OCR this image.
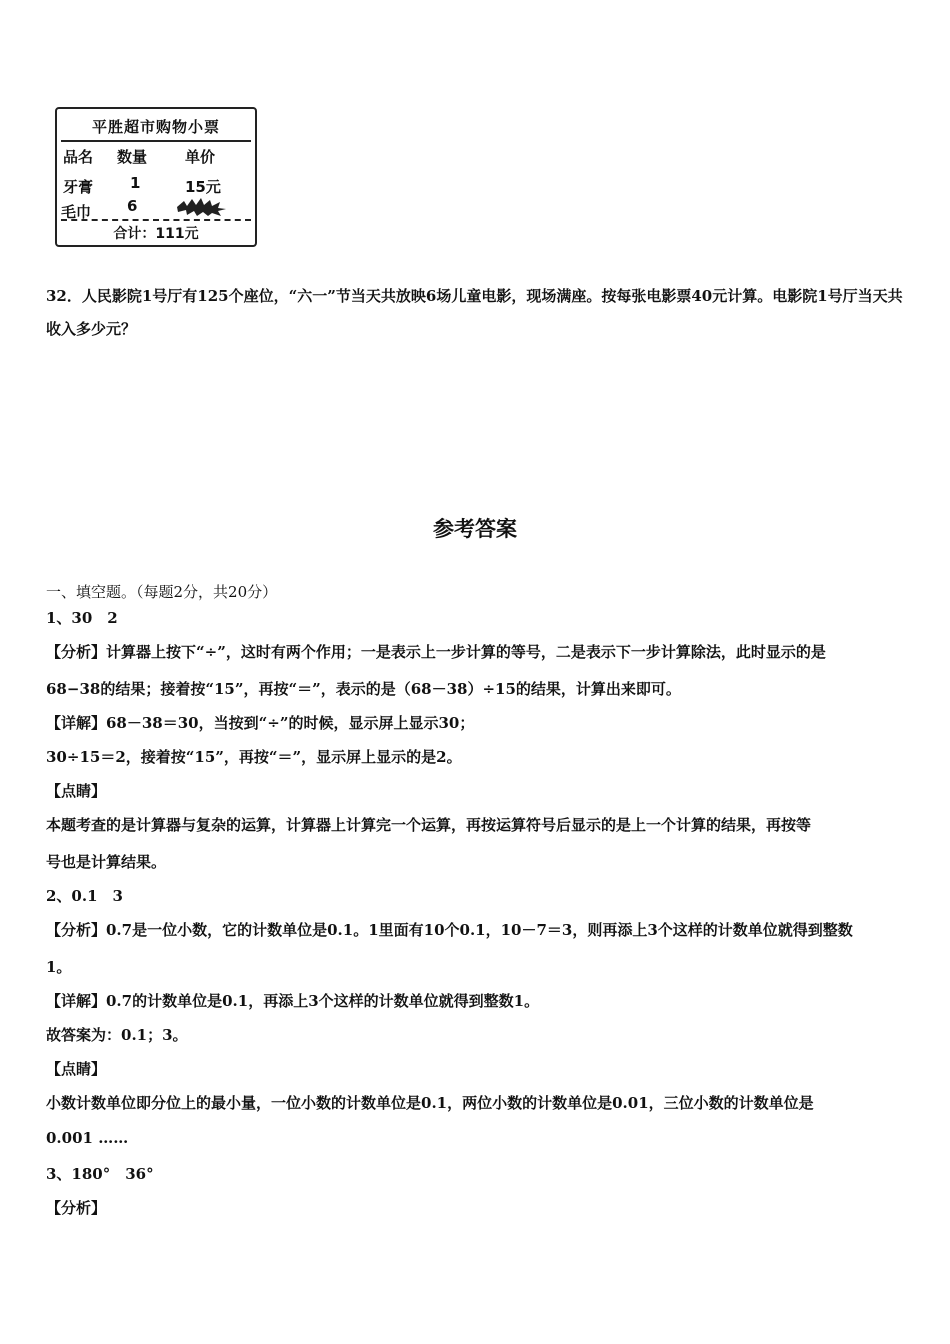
平胜超市购物小票
品名 数量	单价
牙膏 1	15元
毛巾 6
合计：111元
32．人民影院1号厅有125个座位，“六一”节当天共放映6场儿童电影，现场满座。按每张电影票40元计算。电影院1号厅当天共收入多少元？
参考答案
一、填空题。（每题2分，共20分）
1、30　2
【分析】计算器上按下“÷”，这时有两个作用；一是表示上一步计算的等号，二是表示下一步计算除法，此时显示的是
68−38的结果；接着按“15”，再按“＝”，表示的是（68－38）÷15的结果，计算出来即可。
【详解】68－38＝30，当按到“÷”的时候，显示屏上显示30；
30÷15＝2，接着按“15”，再按“＝”，显示屏上显示的是2。
【点睛】
本题考查的是计算器与复杂的运算，计算器上计算完一个运算，再按运算符号后显示的是上一个计算的结果，再按等
号也是计算结果。
2、0.1　3
【分析】0.7是一位小数，它的计数单位是0.1。1里面有10个0.1，10－7＝3，则再添上3个这样的计数单位就得到整数
1。
【详解】0.7的计数单位是0.1，再添上3个这样的计数单位就得到整数1。
故答案为：0.1；3。
【点睛】
小数计数单位即分位上的最小量，一位小数的计数单位是0.1，两位小数的计数单位是0.01，三位小数的计数单位是
0.001 ……
3、180°　36°
【分析】
